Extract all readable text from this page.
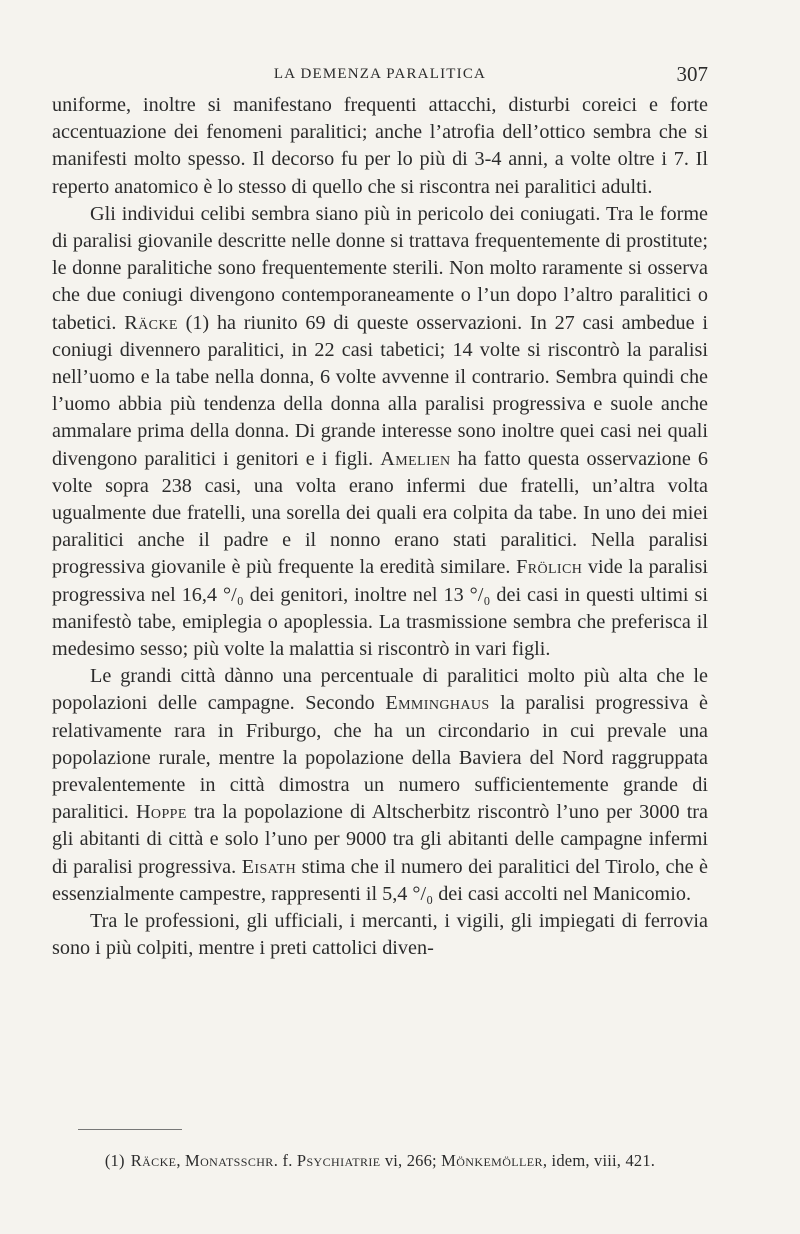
LA DEMENZA PARALITICA	307

uniforme, inoltre si manifestano frequenti attacchi, disturbi coreici e forte accentuazione dei fenomeni paralitici; anche l’atrofia dell’ottico sembra che si manifesti molto spesso. Il decorso fu per lo più di 3-4 anni, a volte oltre i 7. Il reperto anatomico è lo stesso di quello che si riscontra nei paralitici adulti.

Gli individui celibi sembra siano più in pericolo dei coniugati. Tra le forme di paralisi giovanile descritte nelle donne si trattava frequentemente di prostitute; le donne paralitiche sono frequentemente sterili. Non molto raramente si osserva che due coniugi divengono contemporaneamente o l’un dopo l’altro paralitici o tabetici. Räcke (1) ha riunito 69 di queste osservazioni. In 27 casi ambedue i coniugi divennero paralitici, in 22 casi tabetici; 14 volte si riscontrò la paralisi nell’uomo e la tabe nella donna, 6 volte avvenne il contrario. Sembra quindi che l’uomo abbia più tendenza della donna alla paralisi progressiva e suole anche ammalare prima della donna. Di grande interesse sono inoltre quei casi nei quali divengono paralitici i genitori e i figli. Amelien ha fatto questa osservazione 6 volte sopra 238 casi, una volta erano infermi due fratelli, un’altra volta ugualmente due fratelli, una sorella dei quali era colpita da tabe. In uno dei miei paralitici anche il padre e il nonno erano stati paralitici. Nella paralisi progressiva giovanile è più frequente la eredità similare. Frölich vide la paralisi progressiva nel 16,4 °/₀ dei genitori, inoltre nel 13 °/₀ dei casi in questi ultimi si manifestò tabe, emiplegia o apoplessia. La trasmissione sembra che preferisca il medesimo sesso; più volte la malattia si riscontrò in vari figli.

Le grandi città dànno una percentuale di paralitici molto più alta che le popolazioni delle campagne. Secondo Emminghaus la paralisi progressiva è relativamente rara in Friburgo, che ha un circondario in cui prevale una popolazione rurale, mentre la popolazione della Baviera del Nord raggruppata prevalentemente in città dimostra un numero sufficientemente grande di paralitici. Hoppe tra la popolazione di Altscherbitz riscontrò l’uno per 3000 tra gli abitanti di città e solo l’uno per 9000 tra gli abitanti delle campagne infermi di paralisi progressiva. Eisath stima che il numero dei paralitici del Tirolo, che è essenzialmente campestre, rappresenti il 5,4 °/₀ dei casi accolti nel Manicomio.

Tra le professioni, gli ufficiali, i mercanti, i vigili, gli impiegati di ferrovia sono i più colpiti, mentre i preti cattolici diven-

(1) Räcke, Monatsschr. f. Psychiatrie vi, 266; Mönkemöller, idem, viii, 421.
